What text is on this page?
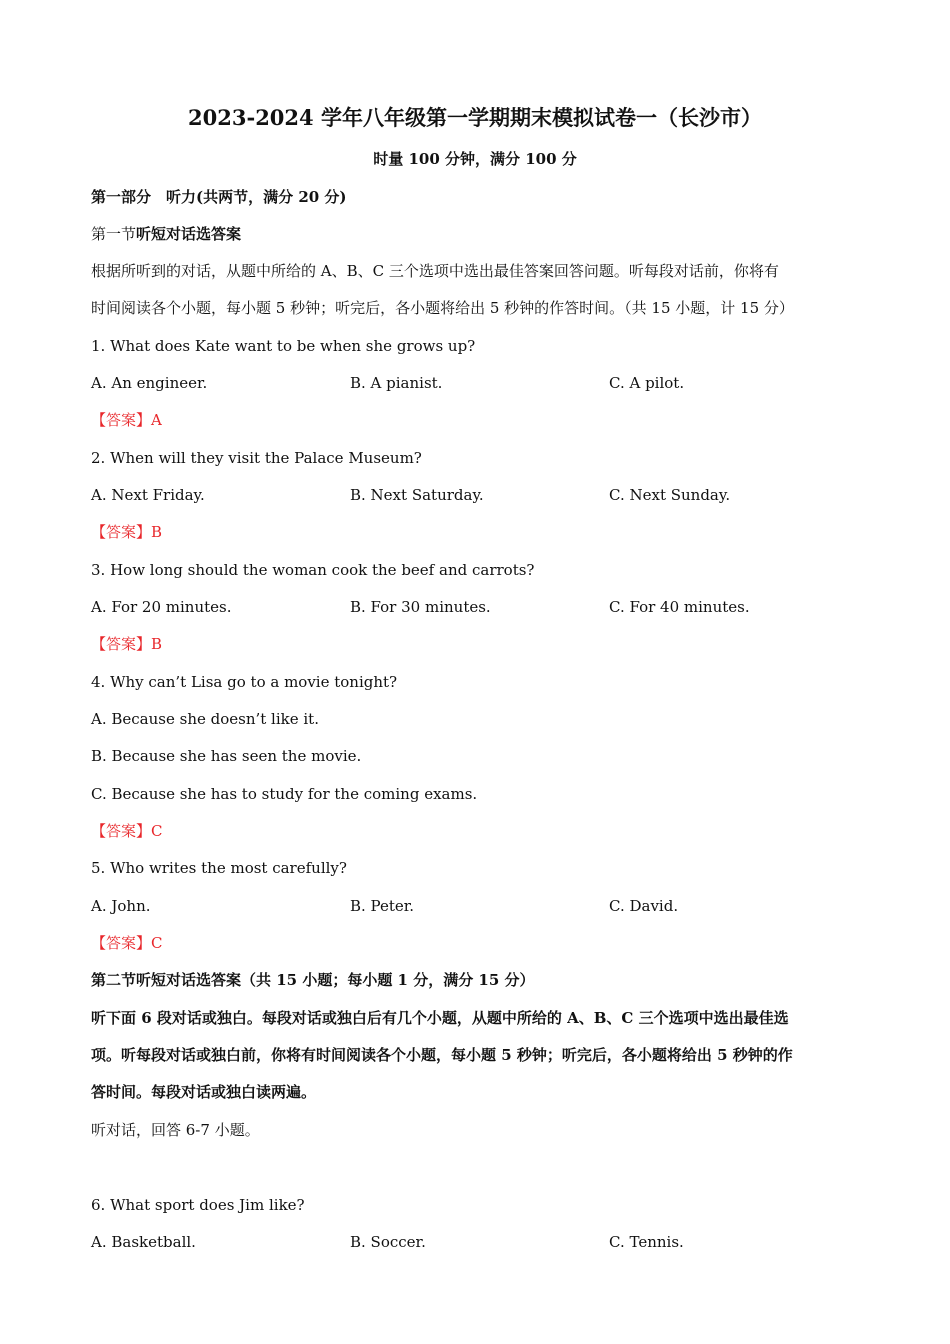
2023-2024 学年八年级第一学期期末模拟试卷一（长沙市）
时量 100 分钟，满分 100 分
第一部分　听力(共两节，满分 20 分)
第一节听短对话选答案
根据所听到的对话，从题中所给的 A、B、C 三个选项中选出最佳答案回答问题。听每段对话前，你将有
时间阅读各个小题，每小题 5 秒钟；听完后，各小题将给出 5 秒钟的作答时间。（共 15 小题，计 15 分）
1. What does Kate want to be when she grows up?
A. An engineer.	B. A pianist.	C. A pilot.
【答案】A
2. When will they visit the Palace Museum?
A. Next Friday.	B. Next Saturday.	C. Next Sunday.
【答案】B
3. How long should the woman cook the beef and carrots?
A. For 20 minutes.	B. For 30 minutes.	C. For 40 minutes.
【答案】B
4. Why can’t Lisa go to a movie tonight?
A. Because she doesn’t like it.
B. Because she has seen the movie.
C. Because she has to study for the coming exams.
【答案】C
5. Who writes the most carefully?
A. John.	B. Peter.	C. David.
【答案】C
第二节听短对话选答案（共 15 小题；每小题 1 分，满分 15 分）
听下面 6 段对话或独白。每段对话或独白后有几个小题，从题中所给的 A、B、C 三个选项中选出最佳选
项。听每段对话或独白前，你将有时间阅读各个小题，每小题 5 秒钟；听完后，各小题将给出 5 秒钟的作
答时间。每段对话或独白读两遍。
听对话，回答 6-7 小题。
6. What sport does Jim like?
A. Basketball.	B. Soccer.	C. Tennis.
